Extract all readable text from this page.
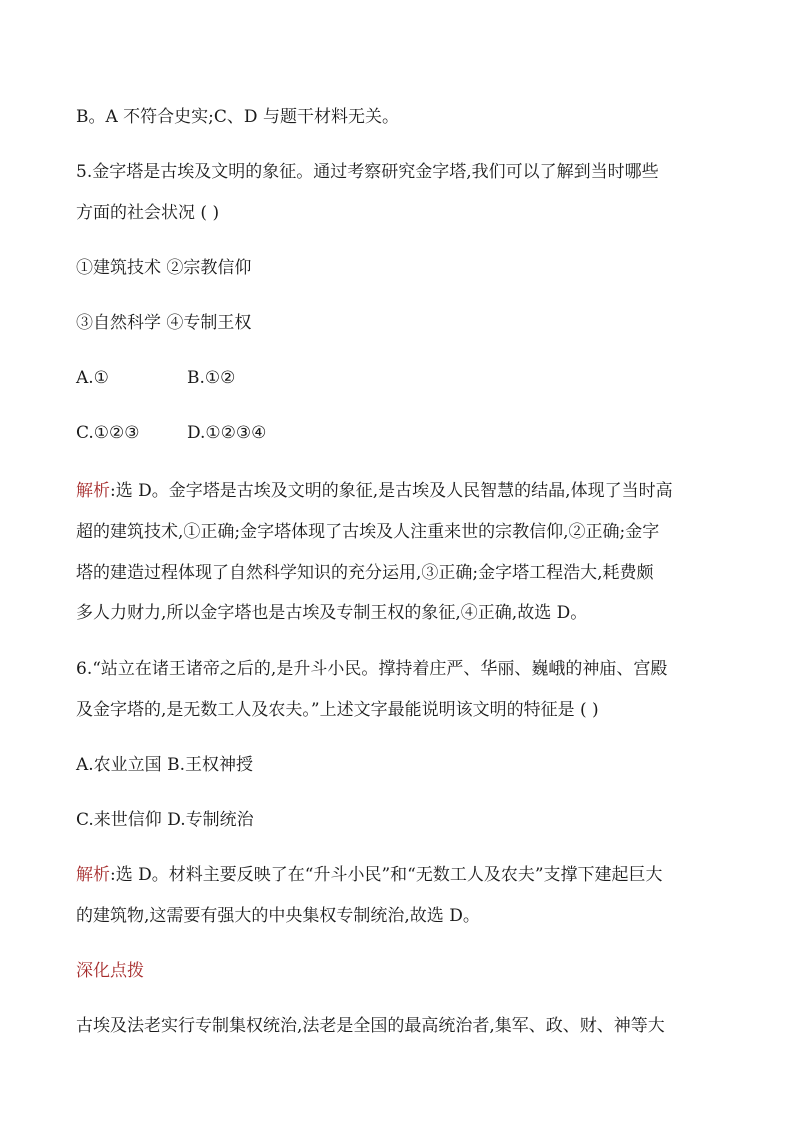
B。A 不符合史实;C、D 与题干材料无关。
5.金字塔是古埃及文明的象征。通过考察研究金字塔,我们可以了解到当时哪些
方面的社会状况 ( )
①建筑技术 ②宗教信仰
③自然科学 ④专制王权
A.①	B.①②
C.①②③	D.①②③④
解析:选 D。金字塔是古埃及文明的象征,是古埃及人民智慧的结晶,体现了当时高
超的建筑技术,①正确;金字塔体现了古埃及人注重来世的宗教信仰,②正确;金字
塔的建造过程体现了自然科学知识的充分运用,③正确;金字塔工程浩大,耗费颇
多人力财力,所以金字塔也是古埃及专制王权的象征,④正确,故选 D。
6.“站立在诸王诸帝之后的,是升斗小民。撑持着庄严、华丽、巍峨的神庙、宫殿
及金字塔的,是无数工人及农夫。”上述文字最能说明该文明的特征是 ( )
A.农业立国 B.王权神授
C.来世信仰 D.专制统治
解析:选 D。材料主要反映了在“升斗小民”和“无数工人及农夫”支撑下建起巨大
的建筑物,这需要有强大的中央集权专制统治,故选 D。
深化点拨
古埃及法老实行专制集权统治,法老是全国的最高统治者,集军、政、财、神等大
